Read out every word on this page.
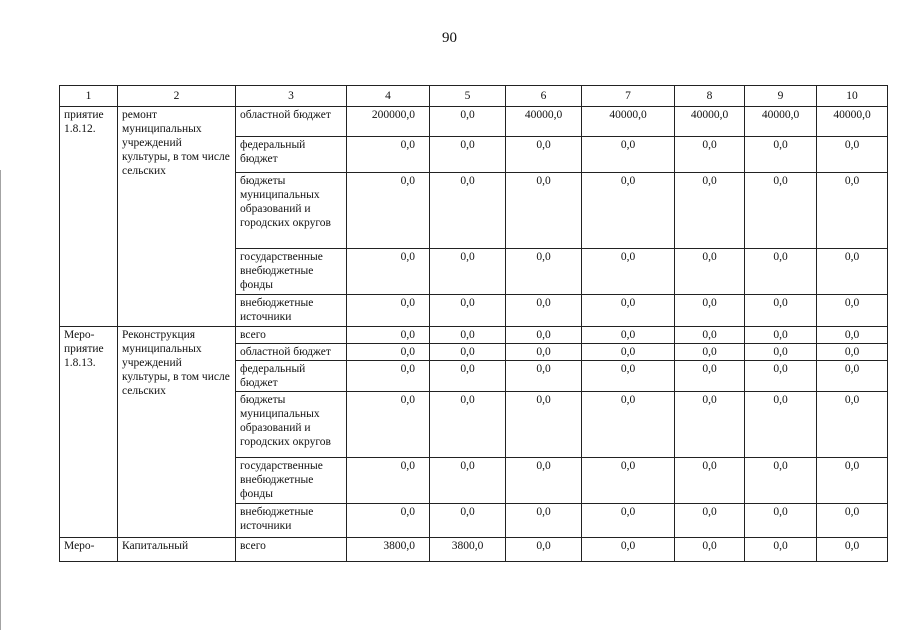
90
1	2	3	4	5	6	7	8	9	10
приятие 1.8.12.	ремонт муниципальных учреждений культуры, в том числе сельских	областной бюджет	200000,0	0,0	40000,0	40000,0	40000,0	40000,0	40000,0
		федеральный бюджет	0,0	0,0	0,0	0,0	0,0	0,0	0,0
		бюджеты муниципальных образований и городских округов	0,0	0,0	0,0	0,0	0,0	0,0	0,0
		государственные внебюджетные фонды	0,0	0,0	0,0	0,0	0,0	0,0	0,0
		внебюджетные источники	0,0	0,0	0,0	0,0	0,0	0,0	0,0
Меро-приятие 1.8.13.	Реконструкция муниципальных учреждений культуры, в том числе сельских	всего	0,0	0,0	0,0	0,0	0,0	0,0	0,0
		областной бюджет	0,0	0,0	0,0	0,0	0,0	0,0	0,0
		федеральный бюджет	0,0	0,0	0,0	0,0	0,0	0,0	0,0
		бюджеты муниципальных образований и городских округов	0,0	0,0	0,0	0,0	0,0	0,0	0,0
		государственные внебюджетные фонды	0,0	0,0	0,0	0,0	0,0	0,0	0,0
		внебюджетные источники	0,0	0,0	0,0	0,0	0,0	0,0	0,0
Меро-	Капитальный	всего	3800,0	3800,0	0,0	0,0	0,0	0,0	0,0
